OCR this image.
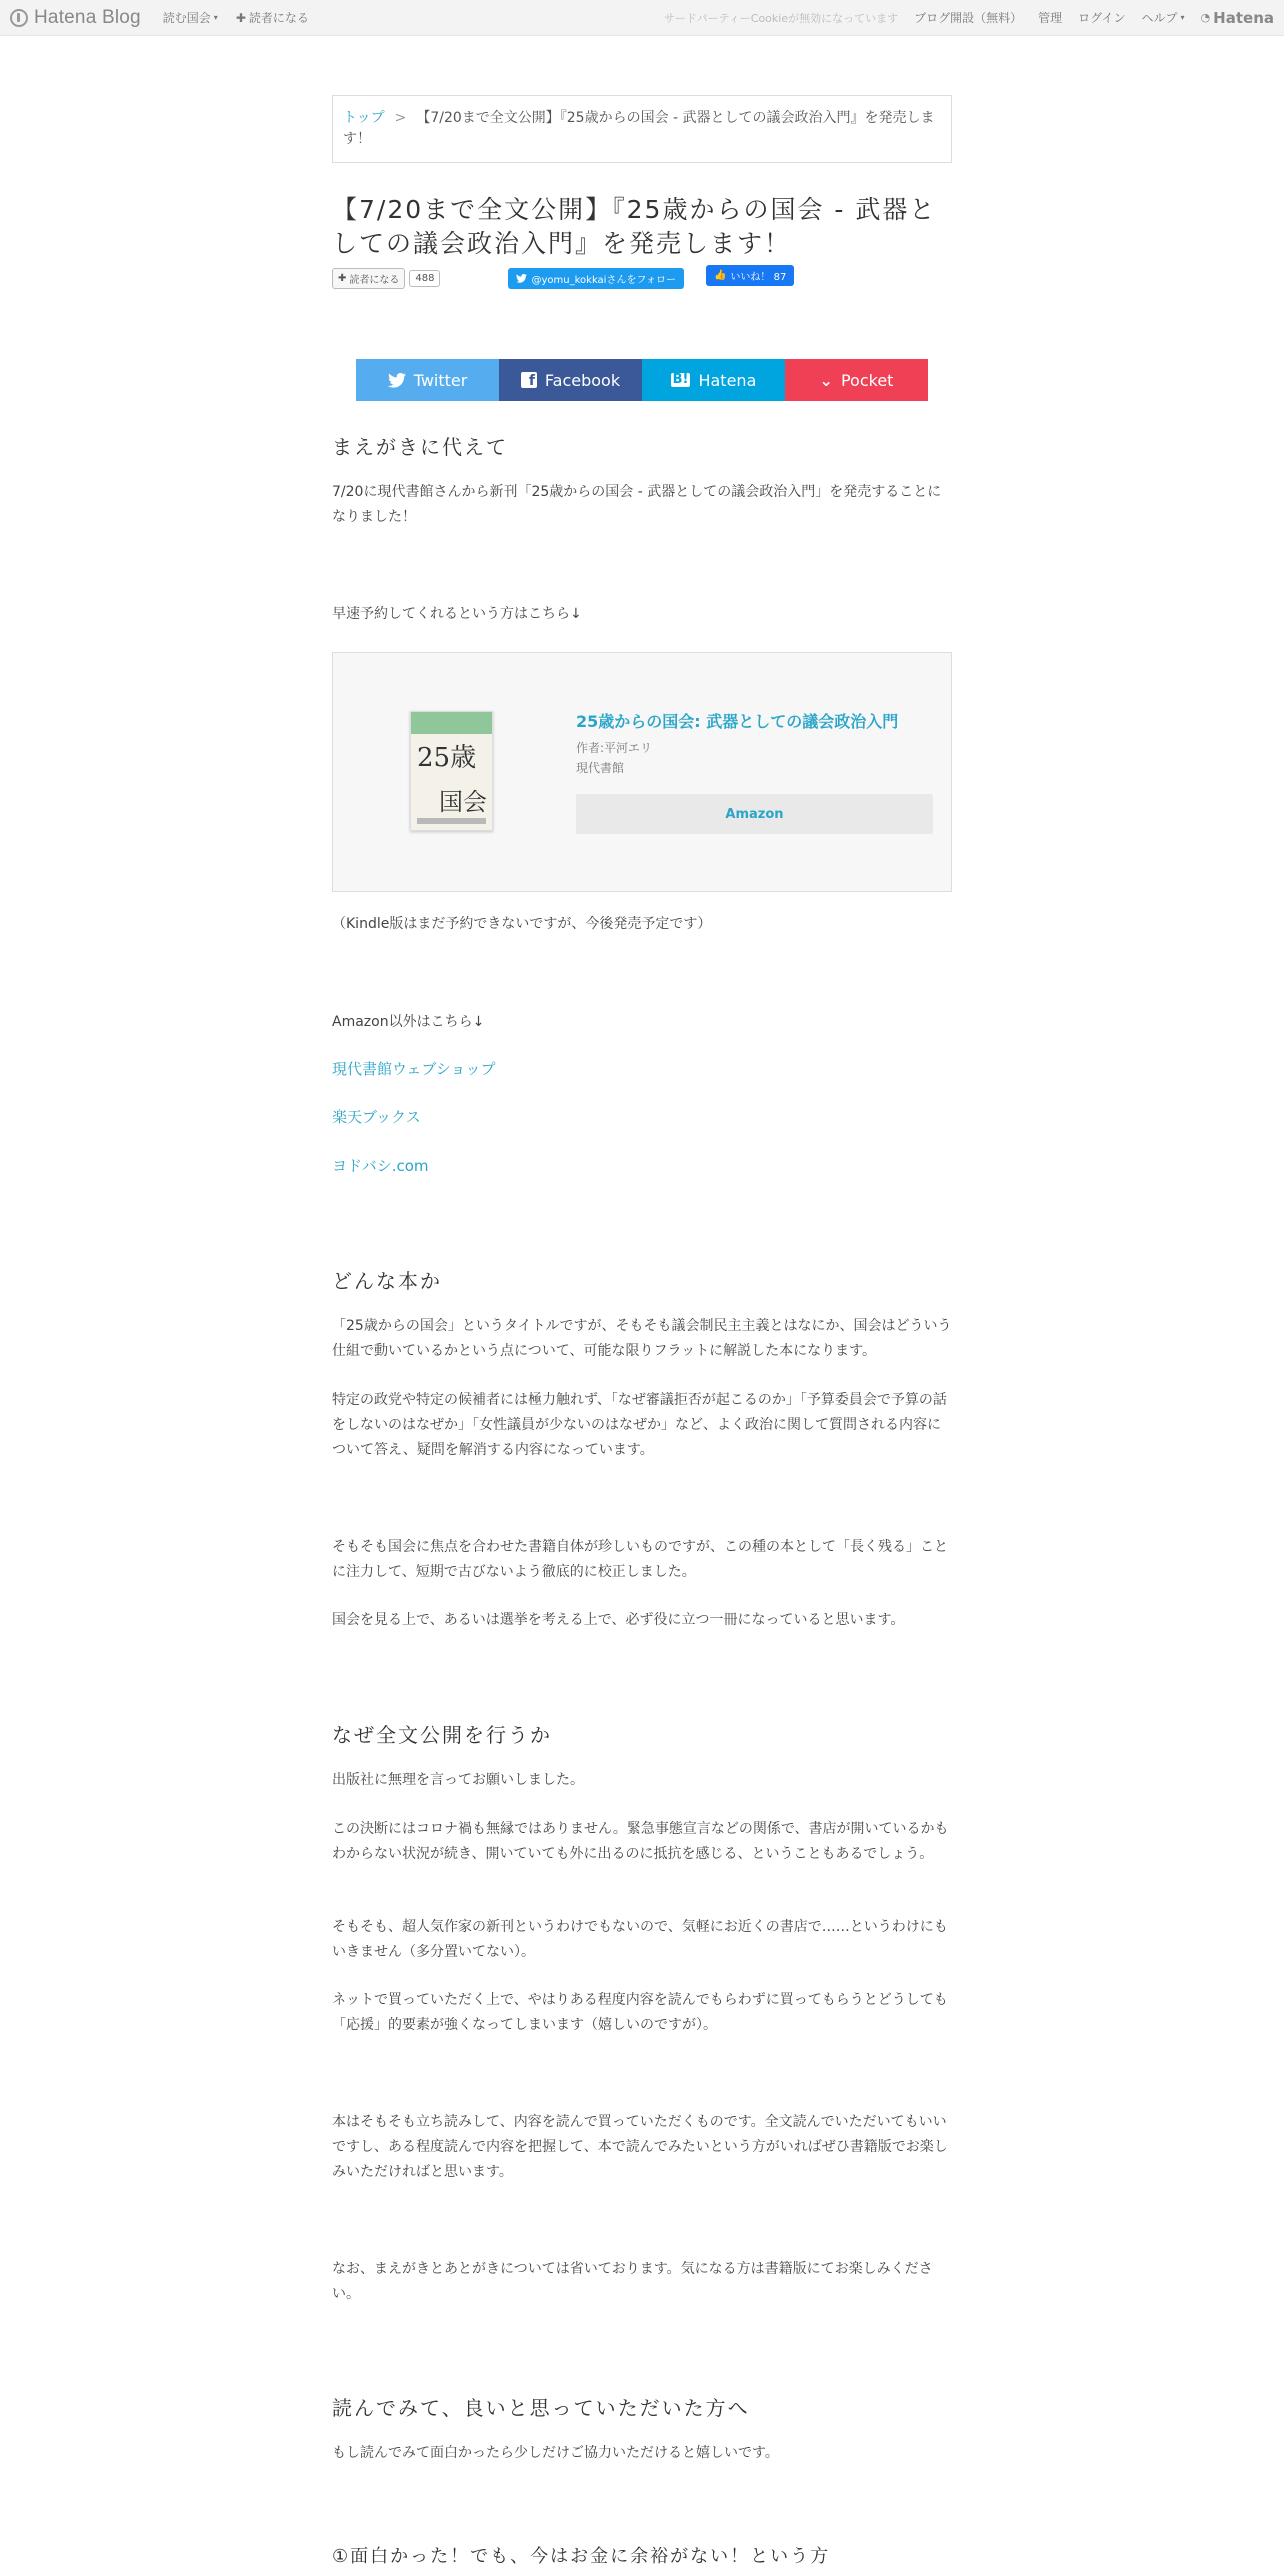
Hatena Blog 読む国会 ▾ ✚ 読者になる	サードパーティーCookieが無効になっています ブログ開設（無料） 管理 ログイン ヘルプ ▾ ◔ Hatena
トップ > 【7/20まで全文公開】『25歳からの国会 - 武器としての議会政治入門』を発売します！
【7/20まで全文公開】『25歳からの国会 - 武器としての議会政治入門』を発売します！
✚ 読者になる	488	@yomu_kokkaiさんをフォロー	👍 いいね！ 87
Twitter	f Facebook	B! Hatena	⌄ Pocket
まえがきに代えて

7/20に現代書館さんから新刊「25歳からの国会 - 武器としての議会政治入門」を発売することになりました！

早速予約してくれるという方はこちら↓

25歳
国会
25歳からの国会: 武器としての議会政治入門
作者:平河エリ
現代書館
Amazon

（Kindle版はまだ予約できないですが、今後発売予定です）

Amazon以外はこちら↓

現代書館ウェブショップ
楽天ブックス
ヨドバシ.com
どんな本か

「25歳からの国会」というタイトルですが、そもそも議会制民主主義とはなにか、国会はどういう仕組で動いているかという点について、可能な限りフラットに解説した本になります。

特定の政党や特定の候補者には極力触れず、「なぜ審議拒否が起こるのか」「予算委員会で予算の話をしないのはなぜか」「女性議員が少ないのはなぜか」など、よく政治に関して質問される内容について答え、疑問を解消する内容になっています。

そもそも国会に焦点を合わせた書籍自体が珍しいものですが、この種の本として「長く残る」ことに注力して、短期で古びないよう徹底的に校正しました。

国会を見る上で、あるいは選挙を考える上で、必ず役に立つ一冊になっていると思います。

なぜ全文公開を行うか

出版社に無理を言ってお願いしました。

この決断にはコロナ禍も無縁ではありません。緊急事態宣言などの関係で、書店が開いているかもわからない状況が続き、開いていても外に出るのに抵抗を感じる、ということもあるでしょう。

そもそも、超人気作家の新刊というわけでもないので、気軽にお近くの書店で……というわけにもいきません（多分置いてない）。

ネットで買っていただく上で、やはりある程度内容を読んでもらわずに買ってもらうとどうしても「応援」的要素が強くなってしまいます（嬉しいのですが）。

本はそもそも立ち読みして、内容を読んで買っていただくものです。全文読んでいただいてもいいですし、ある程度読んで内容を把握して、本で読んでみたいという方がいればぜひ書籍版でお楽しみいただければと思います。

なお、まえがきとあとがきについては省いております。気になる方は書籍版にてお楽しみください。

読んでみて、良いと思っていただいた方へ

もし読んでみて面白かったら少しだけご協力いただけると嬉しいです。

①面白かった！でも、今はお金に余裕がない！という方
